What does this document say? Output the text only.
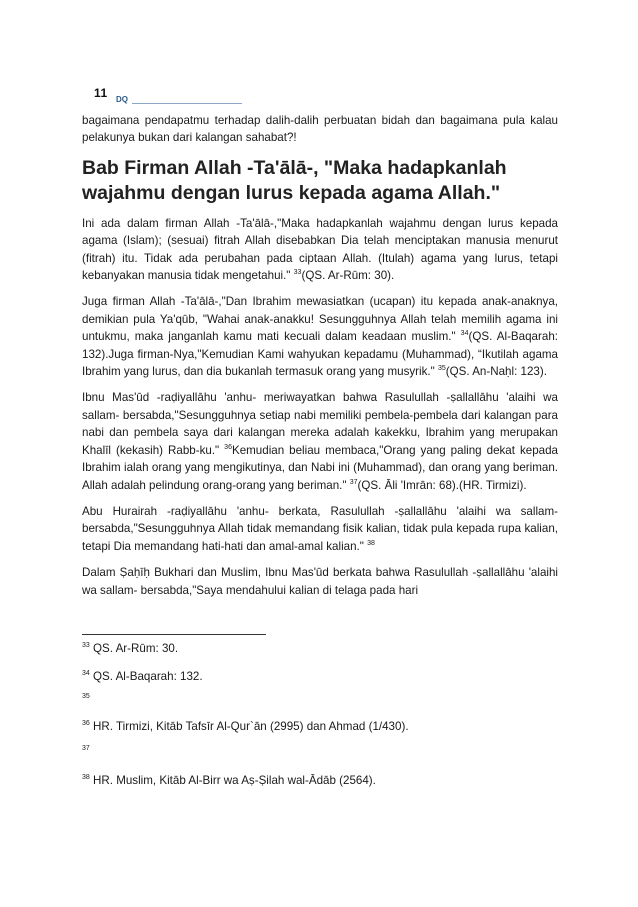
11 DQ

bagaimana pendapatmu terhadap dalih-dalih perbuatan bidah dan bagaimana pula kalau pelakunya bukan dari kalangan sahabat?!

Bab Firman Allah -Ta'ālā-, "Maka hadapkanlah wajahmu dengan lurus kepada agama Allah."

Ini ada dalam firman Allah -Ta'ālā-,"Maka hadapkanlah wajahmu dengan lurus kepada agama (Islam); (sesuai) fitrah Allah disebabkan Dia telah menciptakan manusia menurut (fitrah) itu. Tidak ada perubahan pada ciptaan Allah. (Itulah) agama yang lurus, tetapi kebanyakan manusia tidak mengetahui." $^{33}$(QS. Ar-Rūm: 30).

Juga firman Allah -Ta'ālā-,"Dan Ibrahim mewasiatkan (ucapan) itu kepada anak-anaknya, demikian pula Ya'qūb, "Wahai anak-anakku! Sesungguhnya Allah telah memilih agama ini untukmu, maka janganlah kamu mati kecuali dalam keadaan muslim." $^{34}$(QS. Al-Baqarah: 132).Juga firman-Nya,"Kemudian Kami wahyukan kepadamu (Muhammad), “Ikutilah agama Ibrahim yang lurus, dan dia bukanlah termasuk orang yang musyrik." $^{35}$(QS. An-Naḥl: 123).

Ibnu Mas'ūd -raḍiyallāhu 'anhu- meriwayatkan bahwa Rasulullah -ṣallallāhu 'alaihi wa sallam- bersabda,"Sesungguhnya setiap nabi memiliki pembela-pembela dari kalangan para nabi dan pembela saya dari kalangan mereka adalah kakekku, Ibrahim yang merupakan Khalīl (kekasih) Rabb-ku." $^{36}$Kemudian beliau membaca,"Orang yang paling dekat kepada Ibrahim ialah orang yang mengikutinya, dan Nabi ini (Muhammad), dan orang yang beriman. Allah adalah pelindung orang-orang yang beriman." $^{37}$(QS. Āli 'Imrān: 68).(HR. Tirmizi).

Abu Hurairah -raḍiyallāhu 'anhu- berkata, Rasulullah -ṣallallāhu 'alaihi wa sallam-bersabda,"Sesungguhnya Allah tidak memandang fisik kalian, tidak pula kepada rupa kalian, tetapi Dia memandang hati-hati dan amal-amal kalian." $^{38}$

Dalam Ṣaḥīḥ Bukhari dan Muslim, Ibnu Mas'ūd berkata bahwa Rasulullah -ṣallallāhu 'alaihi wa sallam- bersabda,"Saya mendahului kalian di telaga pada hari

$^{33}$ QS. Ar-Rūm: 30.
$^{34}$ QS. Al-Baqarah: 132.
$^{35}$
$^{36}$ HR. Tirmizi, Kitāb Tafsīr Al-Qur`ān (2995) dan Ahmad (1/430).
$^{37}$
$^{38}$ HR. Muslim, Kitāb Al-Birr wa Aṣ-Ṣilah wal-Ādāb (2564).
